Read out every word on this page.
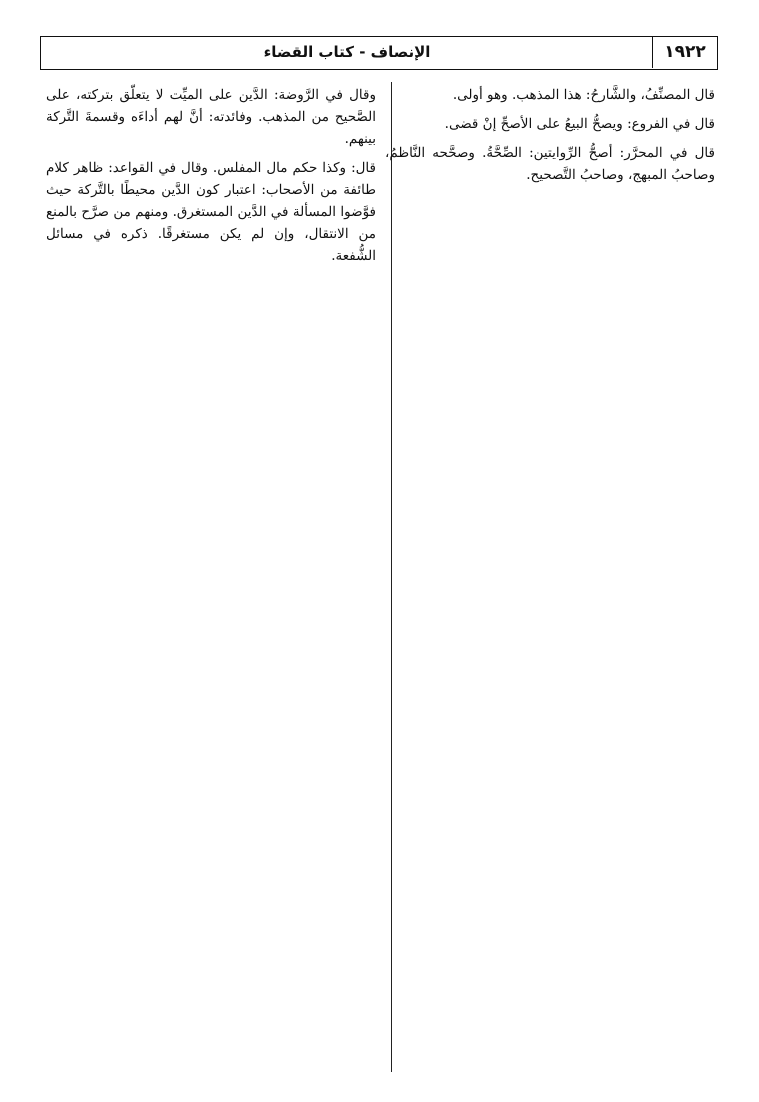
١٩٢٢
الإنصاف - كتاب القضاء

قال المصنِّفُ، والشَّارحُ: هذا المذهب. وهو أولى.

قال في الفروع: ويصحُّ البيعُ على الأصحِّ إنْ قضى.

قال في المحرَّر: أصحُّ الرِّوايتين: الصِّحَّةُ. وصحَّحه النَّاظمُ، وصاحبُ المبهج، وصاحبُ التَّصحيح.

وقال في الرَّوضة: الدَّين على الميِّت لا يتعلَّق بتركته، على الصَّحيح من المذهب. وفائدته: أنَّ لهم أداءَه وقسمةَ التَّركة بينهم.

قال: وكذا حكم مال المفلس. وقال في القواعد: ظاهر كلام طائفة من الأصحاب: اعتبار كون الدَّين محيطًا بالتَّركة حيث فوَّضوا المسألة في الدَّين المستغرق. ومنهم من صرَّح بالمنع من الانتقال، وإن لم يكن مستغرقًا. ذكره في مسائل الشُّفعة.
